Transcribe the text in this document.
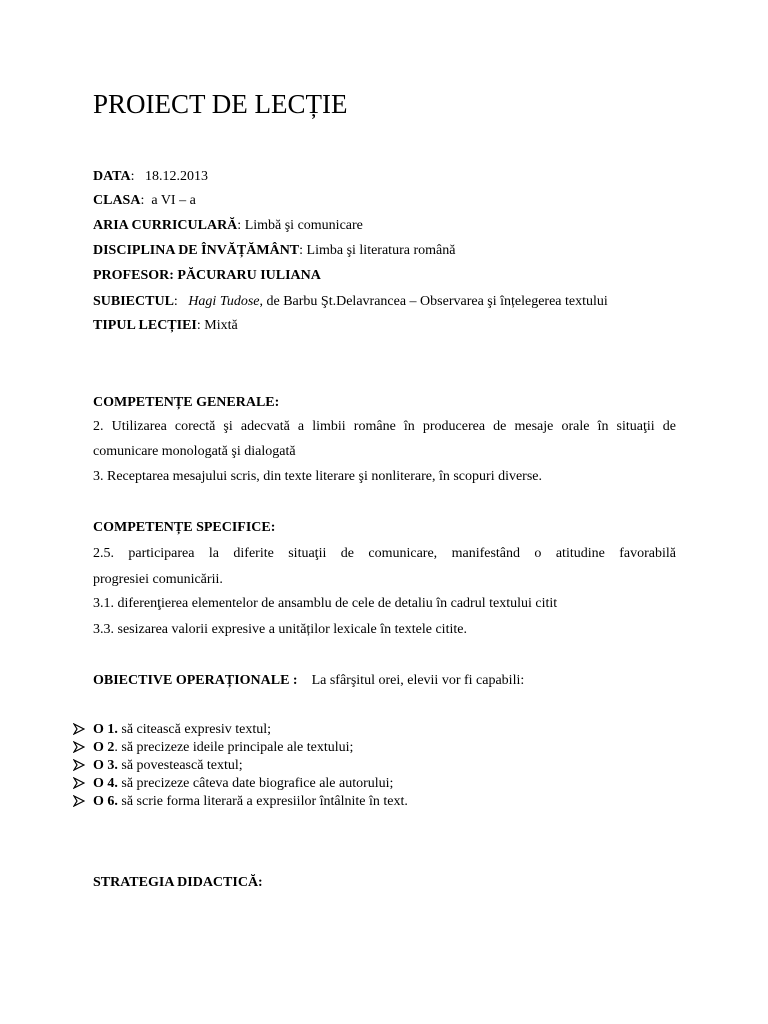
PROIECT DE LECȚIE
DATA:   18.12.2013
CLASA:  a VI – a
ARIA CURRICULARĂ: Limbă şi comunicare
DISCIPLINA DE ÎNVĂȚĂMÂNT: Limba şi literatura română
PROFESOR: PĂCURARU IULIANA
SUBIECTUL:   Hagi Tudose, de Barbu Şt.Delavrancea – Observarea şi înțelegerea textului
TIPUL LECȚIEI: Mixtă
COMPETENȚE GENERALE:
2. Utilizarea corectă şi adecvată a limbii române în producerea de mesaje orale în situaţii de
comunicare monologată şi dialogată
3. Receptarea mesajului scris, din texte literare şi nonliterare, în scopuri diverse.
COMPETENȚE SPECIFICE:
2.5. participarea la diferite situaţii de comunicare, manifestând o atitudine favorabilă
progresiei comunicării.
3.1. diferenţierea elementelor de ansamblu de cele de detaliu în cadrul textului citit
3.3. sesizarea valorii expresive a unităților lexicale în textele citite.
OBIECTIVE OPERAȚIONALE : La sfârşitul orei, elevii vor fi capabili:
O 1. să citească expresiv textul;
O 2. să precizeze ideile principale ale textului;
O 3. să povestească textul;
O 4. să precizeze câteva date biografice ale autorului;
O 6. să scrie forma literară a expresiilor întâlnite în text.
STRATEGIA DIDACTICĂ:
